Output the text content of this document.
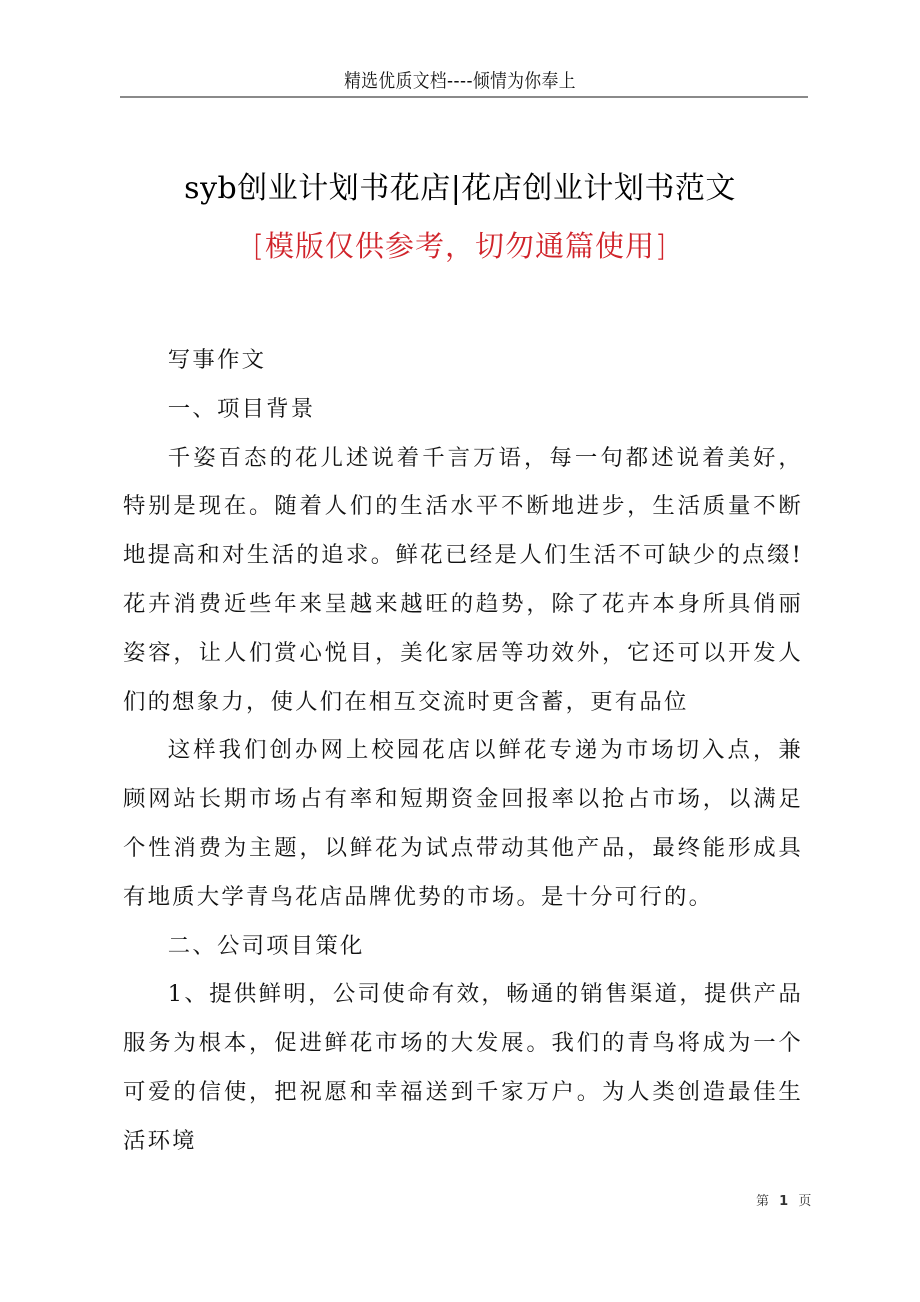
精选优质文档----倾情为你奉上
syb创业计划书花店|花店创业计划书范文
[模版仅供参考，切勿通篇使用]

写事作文

一、项目背景

千姿百态的花儿述说着千言万语，每一句都述说着美好，特别是现在。随着人们的生活水平不断地进步，生活质量不断地提高和对生活的追求。鲜花已经是人们生活不可缺少的点缀!花卉消费近些年来呈越来越旺的趋势，除了花卉本身所具俏丽姿容，让人们赏心悦目，美化家居等功效外，它还可以开发人们的想象力，使人们在相互交流时更含蓄，更有品位

这样我们创办网上校园花店以鲜花专递为市场切入点，兼顾网站长期市场占有率和短期资金回报率以抢占市场，以满足个性消费为主题，以鲜花为试点带动其他产品，最终能形成具有地质大学青鸟花店品牌优势的市场。是十分可行的。

二、公司项目策化

1、提供鲜明，公司使命有效，畅通的销售渠道，提供产品服务为根本，促进鲜花市场的大发展。我们的青鸟将成为一个可爱的信使，把祝愿和幸福送到千家万户。为人类创造最佳生活环境

第 1 页
